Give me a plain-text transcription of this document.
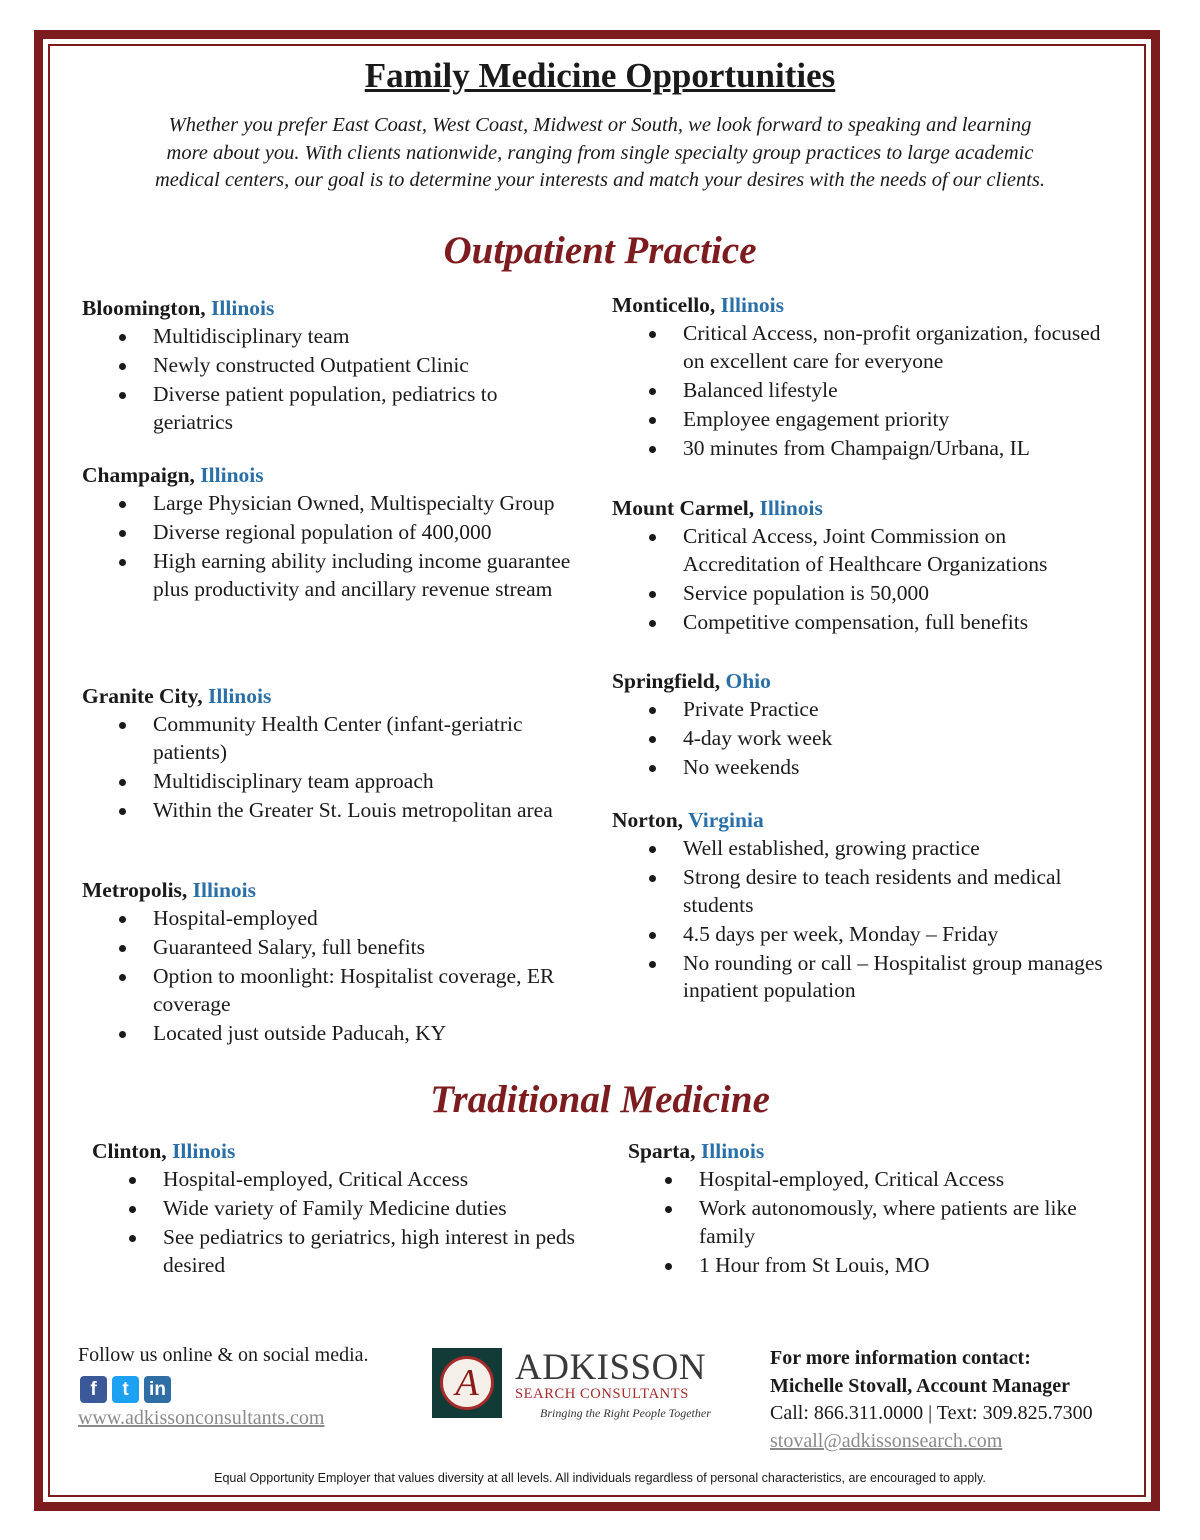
Family Medicine Opportunities

Whether you prefer East Coast, West Coast, Midwest or South, we look forward to speaking and learning
more about you. With clients nationwide, ranging from single specialty group practices to large academic
medical centers, our goal is to determine your interests and match your desires with the needs of our clients.

Outpatient Practice

Bloomington, Illinois

Multidisciplinary team
Newly constructed Outpatient Clinic
Diverse patient population, pediatrics to geriatrics

Champaign, Illinois

Large Physician Owned, Multispecialty Group
Diverse regional population of 400,000
High earning ability including income guarantee plus productivity and ancillary revenue stream

Granite City, Illinois

Community Health Center (infant-geriatric patients)
Multidisciplinary team approach
Within the Greater St. Louis metropolitan area

Metropolis, Illinois

Hospital-employed
Guaranteed Salary, full benefits
Option to moonlight: Hospitalist coverage, ER coverage
Located just outside Paducah, KY

Monticello, Illinois

Critical Access, non-profit organization, focused on excellent care for everyone
Balanced lifestyle
Employee engagement priority
30 minutes from Champaign/Urbana, IL

Mount Carmel, Illinois

Critical Access, Joint Commission on Accreditation of Healthcare Organizations
Service population is 50,000
Competitive compensation, full benefits

Springfield, Ohio

Private Practice
4-day work week
No weekends

Norton, Virginia

Well established, growing practice
Strong desire to teach residents and medical students
4.5 days per week, Monday – Friday
No rounding or call – Hospitalist group manages inpatient population
Traditional Medicine

Clinton, Illinois

Hospital-employed, Critical Access
Wide variety of Family Medicine duties
See pediatrics to geriatrics, high interest in peds desired

Sparta, Illinois

Hospital-employed, Critical Access
Work autonomously, where patients are like family
1 Hour from St Louis, MO

Follow us online & on social media.

f	t	in

www.adkissonconsultants.com

A ADKISSON

SEARCH CONSULTANTS

Bringing the Right People Together

For more information contact:

Michelle Stovall, Account Manager

Call: 866.311.0000 | Text: 309.825.7300

stovall@adkissonsearch.com

Equal Opportunity Employer that values diversity at all levels. All individuals regardless of personal characteristics, are encouraged to apply.
